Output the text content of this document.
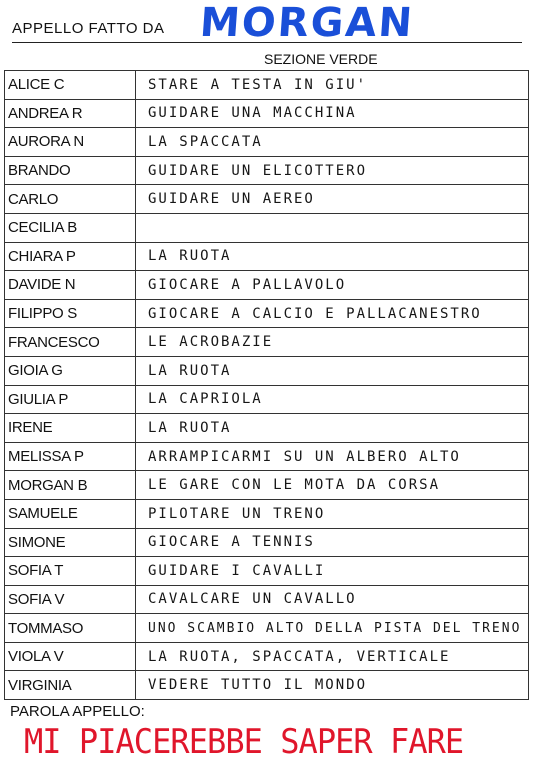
APPELLO FATTO DA MORGAN
SEZIONE VERDE
ALICE C	STARE A TESTA IN GIU'
ANDREA R	GUIDARE UNA MACCHINA
AURORA N	LA SPACCATA
BRANDO	GUIDARE UN ELICOTTERO
CARLO	GUIDARE UN AEREO
CECILIA B	
CHIARA P	LA RUOTA
DAVIDE N	GIOCARE A PALLAVOLO
FILIPPO S	GIOCARE A CALCIO E PALLACANESTRO
FRANCESCO	LE ACROBAZIE
GIOIA G	LA RUOTA
GIULIA P	LA CAPRIOLA
IRENE	LA RUOTA
MELISSA P	ARRAMPICARMI SU UN ALBERO ALTO
MORGAN B	LE GARE CON LE MOTA DA CORSA
SAMUELE	PILOTARE UN TRENO
SIMONE	GIOCARE A TENNIS
SOFIA T	GUIDARE I CAVALLI
SOFIA V	CAVALCARE UN CAVALLO
TOMMASO	UNO SCAMBIO ALTO DELLA PISTA DEL TRENO
VIOLA V	LA RUOTA, SPACCATA, VERTICALE
VIRGINIA	VEDERE TUTTO IL MONDO
PAROLA APPELLO:
MI PIACEREBBE SAPER FARE
